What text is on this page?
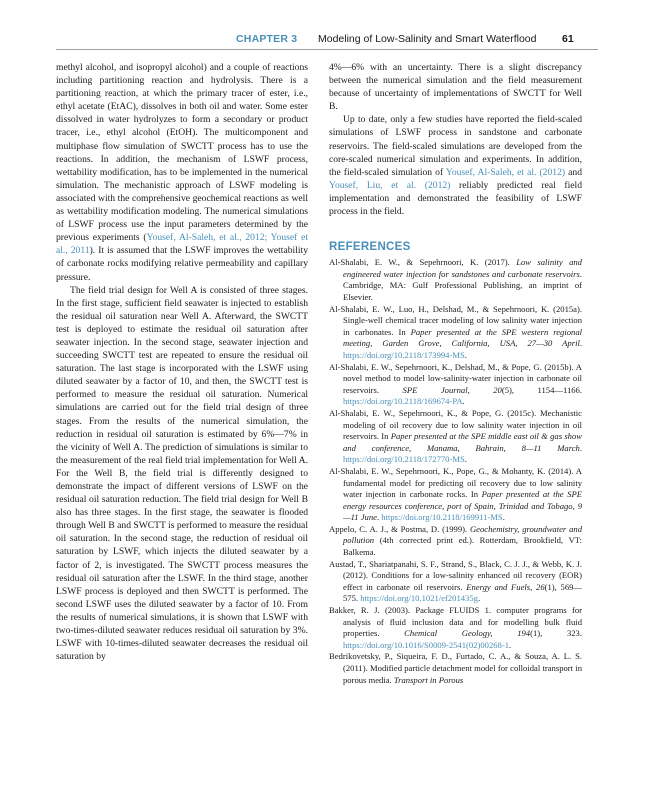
CHAPTER 3 Modeling of Low-Salinity and Smart Waterflood 61

methyl alcohol, and isopropyl alcohol) and a couple of reactions including partitioning reaction and hydrolysis. There is a partitioning reaction, at which the primary tracer of ester, i.e., ethyl acetate (EtAC), dissolves in both oil and water. Some ester dissolved in water hydrolyzes to form a secondary or product tracer, i.e., ethyl alcohol (EtOH). The multicomponent and multiphase flow simulation of SWCTT process has to use the reactions. In addition, the mechanism of LSWF process, wettability modification, has to be implemented in the numerical simulation. The mechanistic approach of LSWF modeling is associated with the comprehensive geochemical reactions as well as wettability modification modeling. The numerical simulations of LSWF process use the input parameters determined by the previous experiments (Yousef, Al-Saleh, et al., 2012; Yousef et al., 2011). It is assumed that the LSWF improves the wettability of carbonate rocks modifying relative permeability and capillary pressure.

The field trial design for Well A is consisted of three stages. In the first stage, sufficient field seawater is injected to establish the residual oil saturation near Well A. Afterward, the SWCTT test is deployed to estimate the residual oil saturation after seawater injection. In the second stage, seawater injection and succeeding SWCTT test are repeated to ensure the residual oil saturation. The last stage is incorporated with the LSWF using diluted seawater by a factor of 10, and then, the SWCTT test is performed to measure the residual oil saturation. Numerical simulations are carried out for the field trial design of three stages. From the results of the numerical simulation, the reduction in residual oil saturation is estimated by 6%—7% in the vicinity of Well A. The prediction of simulations is similar to the measurement of the real field trial implementation for Well A. For the Well B, the field trial is differently designed to demonstrate the impact of different versions of LSWF on the residual oil saturation reduction. The field trial design for Well B also has three stages. In the first stage, the seawater is flooded through Well B and SWCTT is performed to measure the residual oil saturation. In the second stage, the reduction of residual oil saturation by LSWF, which injects the diluted seawater by a factor of 2, is investigated. The SWCTT process measures the residual oil saturation after the LSWF. In the third stage, another LSWF process is deployed and then SWCTT is performed. The second LSWF uses the diluted seawater by a factor of 10. From the results of numerical simulations, it is shown that LSWF with two-times-diluted seawater reduces residual oil saturation by 3%. LSWF with 10-times-diluted seawater decreases the residual oil saturation by

4%—6% with an uncertainty. There is a slight discrepancy between the numerical simulation and the field measurement because of uncertainty of implementations of SWCTT for Well B.

Up to date, only a few studies have reported the field-scaled simulations of LSWF process in sandstone and carbonate reservoirs. The field-scaled simulations are developed from the core-scaled numerical simulation and experiments. In addition, the field-scaled simulation of Yousef, Al-Saleh, et al. (2012) and Yousef, Liu, et al. (2012) reliably predicted real field implementation and demonstrated the feasibility of LSWF process in the field.

REFERENCES

Al-Shalabi, E. W., & Sepehrnoori, K. (2017). Low salinity and engineered water injection for sandstones and carbonate reservoirs. Cambridge, MA: Gulf Professional Publishing, an imprint of Elsevier.

Al-Shalabi, E. W., Luo, H., Delshad, M., & Sepehrnoori, K. (2015a). Single-well chemical tracer modeling of low salinity water injection in carbonates. In Paper presented at the SPE western regional meeting, Garden Grove, California, USA, 27—30 April. https://doi.org/10.2118/173994-MS.

Al-Shalabi, E. W., Sepehrnoori, K., Delshad, M., & Pope, G. (2015b). A novel method to model low-salinity-water injection in carbonate oil reservoirs. SPE Journal, 20(5), 1154—1166. https://doi.org/10.2118/169674-PA.

Al-Shalabi, E. W., Sepehrnoori, K., & Pope, G. (2015c). Mechanistic modeling of oil recovery due to low salinity water injection in oil reservoirs. In Paper presented at the SPE middle east oil & gas show and conference, Manama, Bahrain, 8—11 March. https://doi.org/10.2118/172770-MS.

Al-Shalabi, E. W., Sepehrnoori, K., Pope, G., & Mohanty, K. (2014). A fundamental model for predicting oil recovery due to low salinity water injection in carbonate rocks. In Paper presented at the SPE energy resources conference, port of Spain, Trinidad and Tobago, 9—11 June. https://doi.org/10.2118/169911-MS.

Appelo, C. A. J., & Postma, D. (1999). Geochemistry, groundwater and pollution (4th corrected print ed.). Rotterdam, Brookfield, VT: Balkema.

Austad, T., Shariatpanahi, S. F., Strand, S., Black, C. J. J., & Webb, K. J. (2012). Conditions for a low-salinity enhanced oil recovery (EOR) effect in carbonate oil reservoirs. Energy and Fuels, 26(1), 569—575. https://doi.org/10.1021/ef201435g.

Bakker, R. J. (2003). Package FLUIDS 1. computer programs for analysis of fluid inclusion data and for modelling bulk fluid properties. Chemical Geology, 194(1), 323. https://doi.org/10.1016/S0009-2541(02)00268-1.

Bedrikovetsky, P., Siqueira, F. D., Furtado, C. A., & Souza, A. L. S. (2011). Modified particle detachment model for colloidal transport in porous media. Transport in Porous
